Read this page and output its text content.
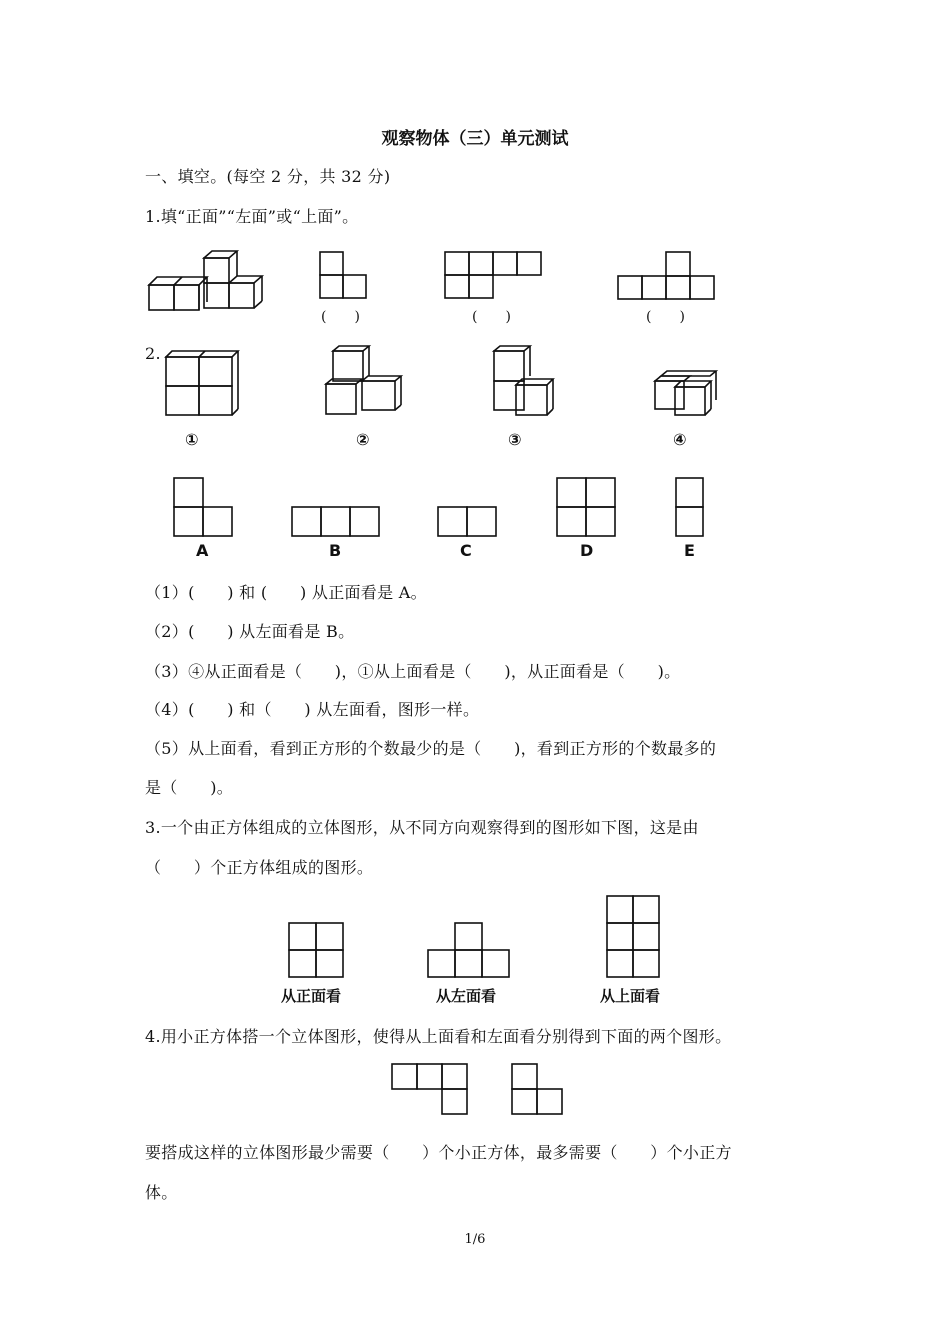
观察物体（三）单元测试
一、填空。(每空 2 分，共 32 分)
1.填“正面”“左面”或“上面”。
(　　)	(　　)	(　　)
2.
①	②	③	④
A	B	C	D	E
（1）(　　) 和 (　　) 从正面看是 A。
（2）(　　) 从左面看是 B。
（3）④从正面看是（　　)，①从上面看是（　　)，从正面看是（　　)。
（4）(　　) 和（　　) 从左面看，图形一样。
（5）从上面看，看到正方形的个数最少的是（　　)，看到正方形的个数最多的
是（　　)。
3.一个由正方体组成的立体图形，从不同方向观察得到的图形如下图，这是由
（　　）个正方体组成的图形。
从正面看	从左面看	从上面看
4.用小正方体搭一个立体图形，使得从上面看和左面看分别得到下面的两个图形。
要搭成这样的立体图形最少需要（　　）个小正方体，最多需要（　　）个小正方
体。
1/6
